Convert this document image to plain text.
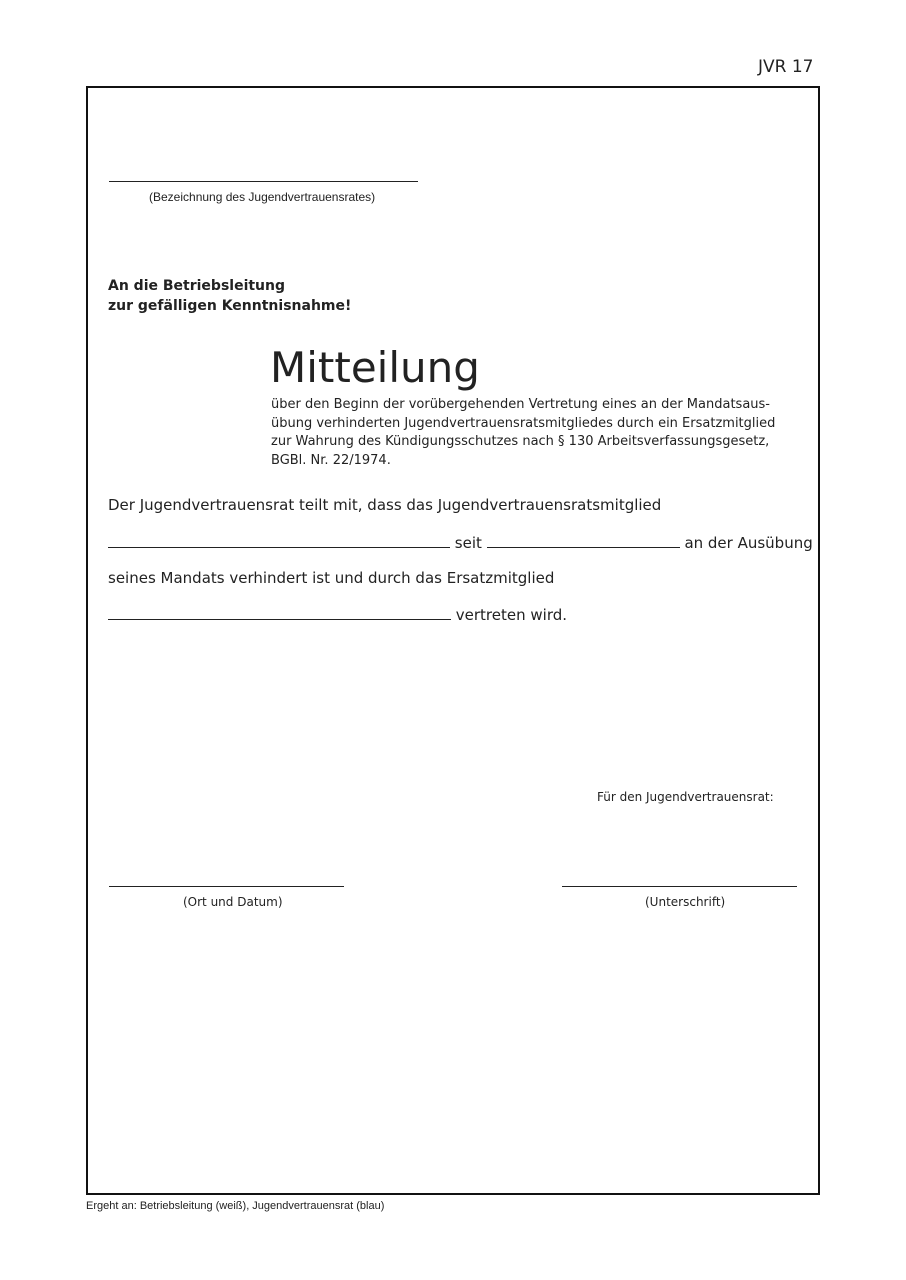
JVR 17
(Bezeichnung des Jugendvertrauensrates)
An die Betriebsleitung
zur gefälligen Kenntnisnahme!
Mitteilung
über den Beginn der vorübergehenden Vertretung eines an der Mandatsaus-
übung verhinderten Jugendvertrauensratsmitgliedes durch ein Ersatzmitglied
zur Wahrung des Kündigungsschutzes nach § 130 Arbeitsverfassungsgesetz,
BGBl. Nr. 22/1974.
Der Jugendvertrauensrat teilt mit, dass das Jugendvertrauensratsmitglied
seit	an der Ausübung
seines Mandats verhindert ist und durch das Ersatzmitglied
vertreten wird.
Für den Jugendvertrauensrat:
(Ort und Datum)	(Unterschrift)
Ergeht an: Betriebsleitung (weiß), Jugendvertrauensrat (blau)
